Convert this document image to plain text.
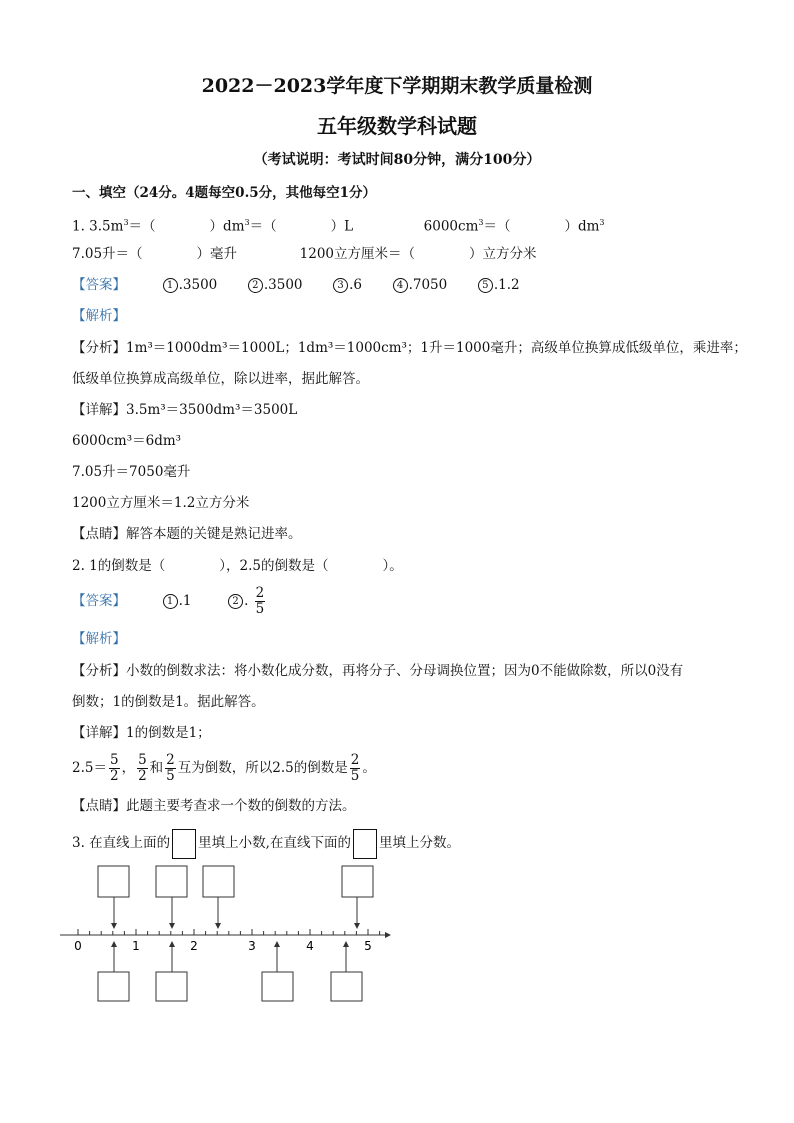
2022－2023学年度下学期期末教学质量检测
五年级数学科试题
（考试说明：考试时间80分钟，满分100分）
一、填空（24分。4题每空0.5分，其他每空1分）
1. $3.5m^3=$（　　　　）$dm^3=$（　　　　）L	$6000cm^3=$（　　　　）$dm^3$
7.05升＝（　　　　）毫升	1200立方厘米＝（　　　　）立方分米
【答案】	1 .3500	2 .3500	3 .6	4 .7050	5 .1.2
【解析】
【分析】1m³＝1000dm³＝1000L；1dm³＝1000cm³；1升＝1000毫升；高级单位换算成低级单位，乘进率；
低级单位换算成高级单位，除以进率，据此解答。
【详解】3.5m³＝3500dm³＝3500L
6000cm³＝6dm³
7.05升＝7050毫升
1200立方厘米＝1.2立方分米
【点睛】解答本题的关键是熟记进率。
2. 1的倒数是（　　　　），2.5的倒数是（　　　　）。
【答案】	1 .1	2 . $\frac{2}{5}$
【解析】
【分析】小数的倒数求法：将小数化成分数，再将分子、分母调换位置；因为0不能做除数，所以0没有
倒数；1的倒数是1。据此解答。
【详解】1的倒数是1；
$2.5= \frac{5}{2}$ ， $\frac{5}{2}$ 和 $\frac{2}{5}$ 互为倒数，所以2.5的倒数是 $\frac{2}{5}$ 。
【点睛】此题主要考查求一个数的倒数的方法。
3. 在直线上面的 里填上小数,在直线下面的 里填上分数。
0	1	2	3	4	5
